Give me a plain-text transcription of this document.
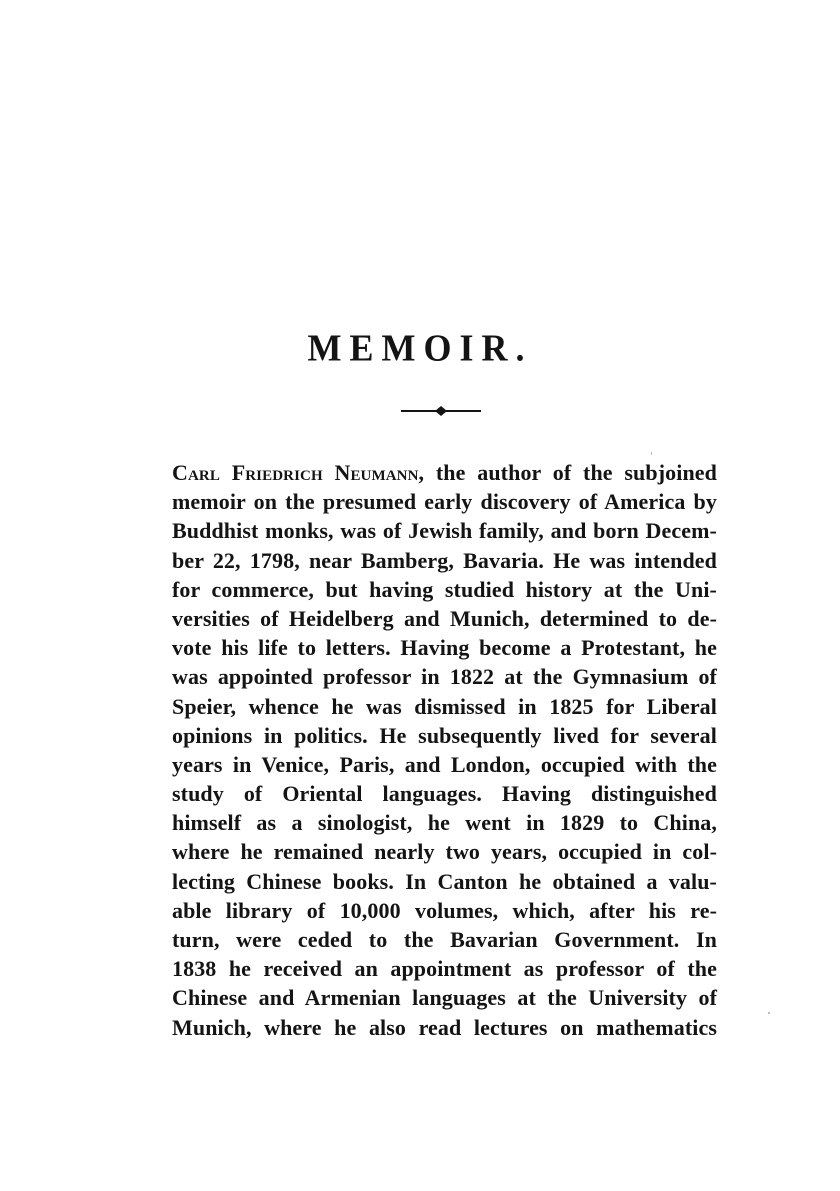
MEMOIR.
Carl Friedrich Neumann, the author of the subjoined
memoir on the presumed early discovery of America by
Buddhist monks, was of Jewish family, and born Decem-
ber 22, 1798, near Bamberg, Bavaria. He was intended
for commerce, but having studied history at the Uni-
versities of Heidelberg and Munich, determined to de-
vote his life to letters. Having become a Protestant, he
was appointed professor in 1822 at the Gymnasium of
Speier, whence he was dismissed in 1825 for Liberal
opinions in politics. He subsequently lived for several
years in Venice, Paris, and London, occupied with the
study of Oriental languages. Having distinguished
himself as a sinologist, he went in 1829 to China,
where he remained nearly two years, occupied in col-
lecting Chinese books. In Canton he obtained a valu-
able library of 10,000 volumes, which, after his re-
turn, were ceded to the Bavarian Government. In
1838 he received an appointment as professor of the
Chinese and Armenian languages at the University of
Munich, where he also read lectures on mathematics
